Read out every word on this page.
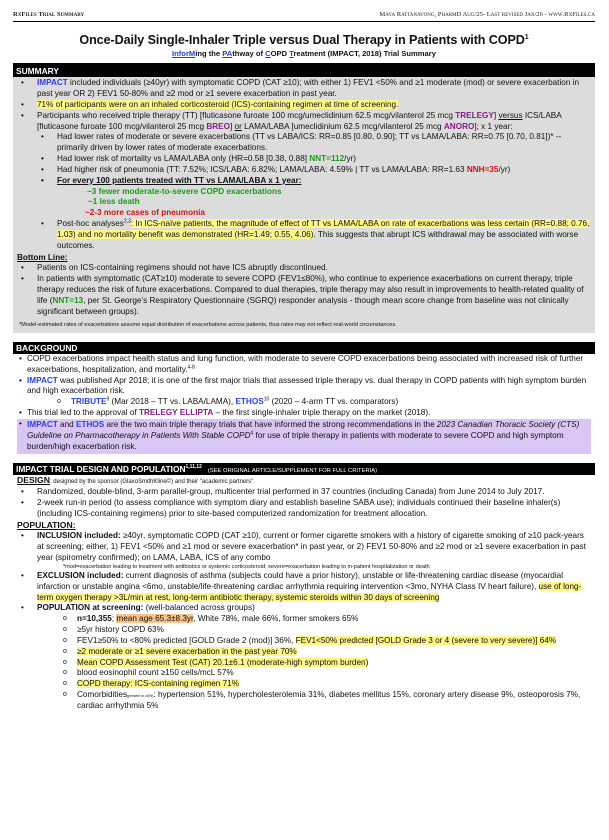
RxFiles Trial Summary	Maya Rattanavong, PharmD Aug/25- Last revised Jan/26 - www.RxFiles.ca
Once-Daily Single-Inhaler Triple versus Dual Therapy in Patients with COPD$^1$
InforMing the PAthway of COPD Treatment (IMPACT, 2018) Trial Summary
SUMMARY
• IMPACT included individuals (≥40yr) with symptomatic COPD (CAT ≥10); with either 1) FEV1 <50% and ≥1 moderate (mod) or severe exacerbation in past year OR 2) FEV1 50-80% and ≥2 mod or ≥1 severe exacerbation in past year.
• 71% of participants were on an inhaled corticosteroid (ICS)-containing regimen at time of screening.
• Participants who received triple therapy (TT) [fluticasone furoate 100 mcg/umeclidinium 62.5 mcg/vilanterol 25 mcg TRELEGY] versus ICS/LABA [fluticasone furoate 100 mcg/vilanterol 25 mcg BREO] or LAMA/LABA [umeclidinium 62.5 mcg/vilanterol 25 mcg ANORO]; x 1 year:
• Had lower rates of moderate or severe exacerbations (TT vs LABA/ICS: RR=0.85 [0.80, 0.90]; TT vs LAMA/LABA: RR=0.75 [0.70, 0.81])* -- primarily driven by lower rates of moderate exacerbations.
• Had lower risk of mortality vs LAMA/LABA only (HR=0.58 [0.38, 0.88] NNT=112/yr)
• Had higher risk of pneumonia (TT: 7.52%; ICS/LABA: 6.82%; LAMA/LABA: 4.59% | TT vs LAMA/LABA: RR=1.63 NNH=35/yr)
• For every 100 patients treated with TT vs LAMA/LABA x 1 year:
~3 fewer moderate-to-severe COPD exacerbations
~1 less death
~2-3 more cases of pneumonia
• Post-hoc analyses$^{2,3}$: In ICS-naïve patients, the magnitude of effect of TT vs LAMA/LABA on rate of exacerbations was less certain (RR=0.88; 0.76, 1.03) and no mortality benefit was demonstrated (HR=1.49; 0.55, 4.06). This suggests that abrupt ICS withdrawal may be associated with worse outcomes.
Bottom Line:
• Patients on ICS-containing regimens should not have ICS abruptly discontinued.
• In patients with symptomatic (CAT≥10) moderate to severe COPD (FEV1≤80%), who continue to experience exacerbations on current therapy, triple therapy reduces the risk of future exacerbations. Compared to dual therapies, triple therapy may also result in improvements to health-related quality of life (NNT=13, per St. George’s Respiratory Questionnaire (SGRQ) responder analysis - though mean score change from baseline was not clinically significant between groups).
*Model-estimated rates of exacerbations assume equal distribution of exacerbations across patients, thus rates may not reflect real-world circumstances.
BACKGROUND
• COPD exacerbations impact health status and lung function, with moderate to severe COPD exacerbations being associated with increased risk of further exacerbations, hospitalization, and mortality.$^{4-8}$
• IMPACT was published Apr 2018; it is one of the first major trials that assessed triple therapy vs. dual therapy in COPD patients with high symptom burden and high exacerbation risk.
o TRIBUTE$^9$ (Mar 2018 – TT vs. LABA/LAMA), ETHOS$^{10}$ (2020 – 4-arm TT vs. comparators)
• This trial led to the approval of TRELEGY ELLIPTA – the first single-inhaler triple therapy on the market (2018).
• IMPACT and ETHOS are the two main triple therapy trials that have informed the strong recommendations in the 2023 Canadian Thoracic Society (CTS) Guideline on Pharmacotherapy in Patients With Stable COPD$^4$ for use of triple therapy in patients with moderate to severe COPD and high symptom burden/high exacerbation risk.
IMPACT TRIAL DESIGN AND POPULATION$^{1,11,12}$(SEE ORIGINAL ARTICLE/SUPPLEMENT FOR FULL CRITERIA)
DESIGN: designed by the sponsor (GlaxoSmithKline©) and their "academic partners"
• Randomized, double-blind, 3-arm parallel-group, multicenter trial performed in 37 countries (including Canada) from June 2014 to July 2017.
• 2-week run-in period (to assess compliance with symptom diary and establish baseline SABA use); individuals continued their baseline inhaler(s) (including ICS-containing regimens) prior to site-based computerized randomization for treatment allocation.
POPULATION:
• INCLUSION included: ≥40yr, symptomatic COPD (CAT ≥10), current or former cigarette smokers with a history of cigarette smoking of ≥10 pack-years at screening; either, 1) FEV1 <50% and ≥1 mod or severe exacerbation* in past year, or 2) FEV1 50-80% and ≥2 mod or ≥1 severe exacerbation in past year (spirometry confirmed); on LAMA, LABA, ICS of any combo
*mod=exacerbation leading to treatment with antibiotics or systemic corticosteroid; severe=exacerbation leading to in-patient hospitalization or death
• EXCLUSION included: current diagnosis of asthma (subjects could have a prior history), unstable or life-threatening cardiac disease (myocardial infarction or unstable angina <6mo, unstable/life-threatening cardiac arrhythmia requiring intervention <3mo, NYHA Class IV heart failure), use of long-term oxygen therapy >3L/min at rest, long-term antibiotic therapy, systemic steroids within 30 days of screening
• POPULATION at screening: (well-balanced across groups)
o n=10,355; mean age 65.3±8.3yr, White 78%, male 66%, former smokers 65%
o ≥5yr history COPD 63%
o FEV1≥50% to <80% predicted [GOLD Grade 2 (mod)] 36%, FEV1<50% predicted [GOLD Grade 3 or 4 (severe to very severe)] 64%
o ≥2 moderate or ≥1 severe exacerbation in the past year 70%
o Mean COPD Assessment Test (CAT) 20.1±6.1 (moderate-high symptom burden)
o blood eosinophil count ≥150 cells/mcL 57%
o COPD therapy: ICS-containing regimen 71%
o Comorbidities(present in ≥5%): hypertension 51%, hypercholesterolemia 31%, diabetes mellitus 15%, coronary artery disease 9%, osteoporosis 7%, cardiac arrhythmia 5%
